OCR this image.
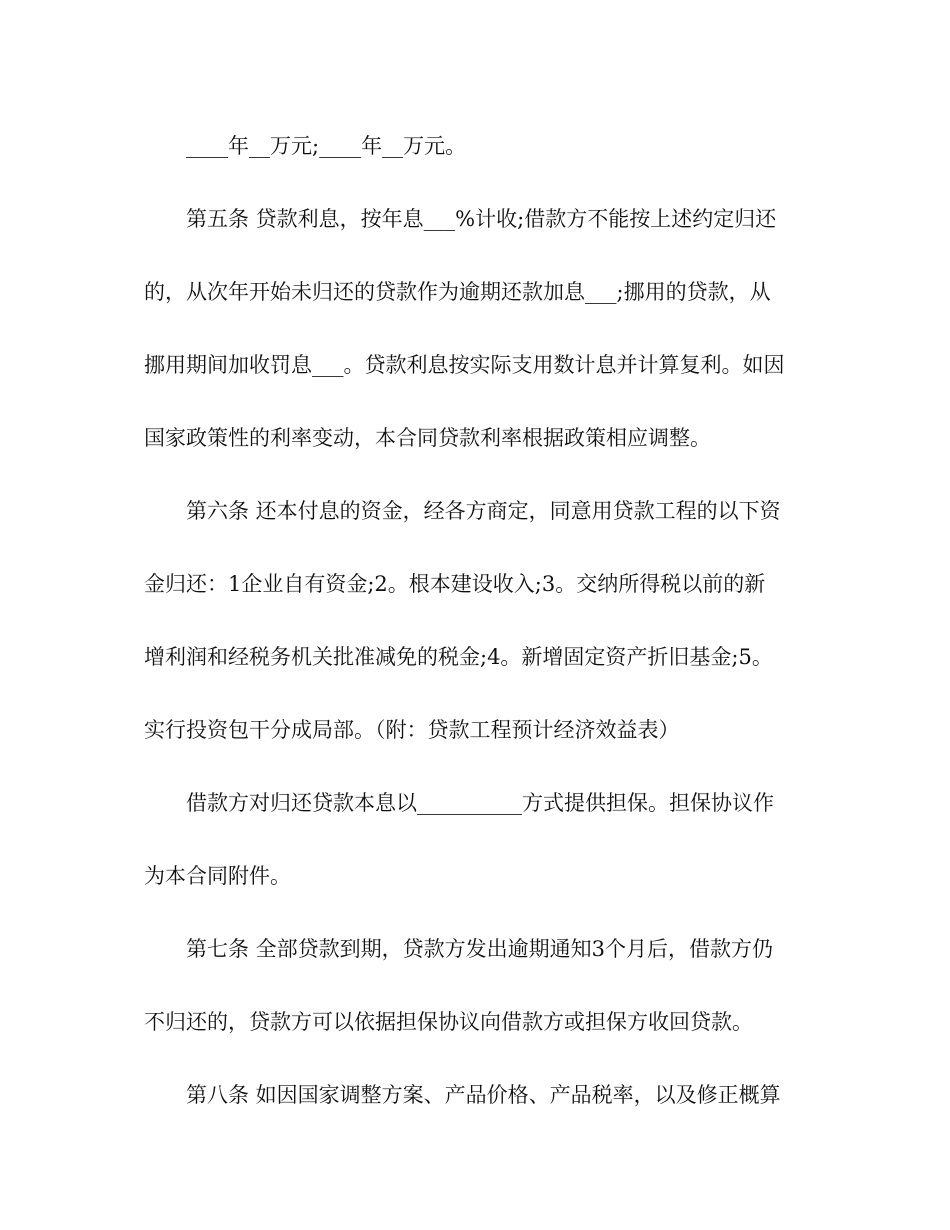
____年__万元;____年__万元。
第五条 贷款利息，按年息___%计收;借款方不能按上述约定归还
的，从次年开始未归还的贷款作为逾期还款加息___;挪用的贷款，从
挪用期间加收罚息___。贷款利息按实际支用数计息并计算复利。如因
国家政策性的利率变动，本合同贷款利率根据政策相应调整。
第六条 还本付息的资金，经各方商定，同意用贷款工程的以下资
金归还：1企业自有资金;2。根本建设收入;3。交纳所得税以前的新
增利润和经税务机关批准减免的税金;4。新增固定资产折旧基金;5。
实行投资包干分成局部。（附：贷款工程预计经济效益表）
借款方对归还贷款本息以__________方式提供担保。担保协议作
为本合同附件。
第七条 全部贷款到期，贷款方发出逾期通知3个月后，借款方仍
不归还的，贷款方可以依据担保协议向借款方或担保方收回贷款。
第八条 如因国家调整方案、产品价格、产品税率，以及修正概算
